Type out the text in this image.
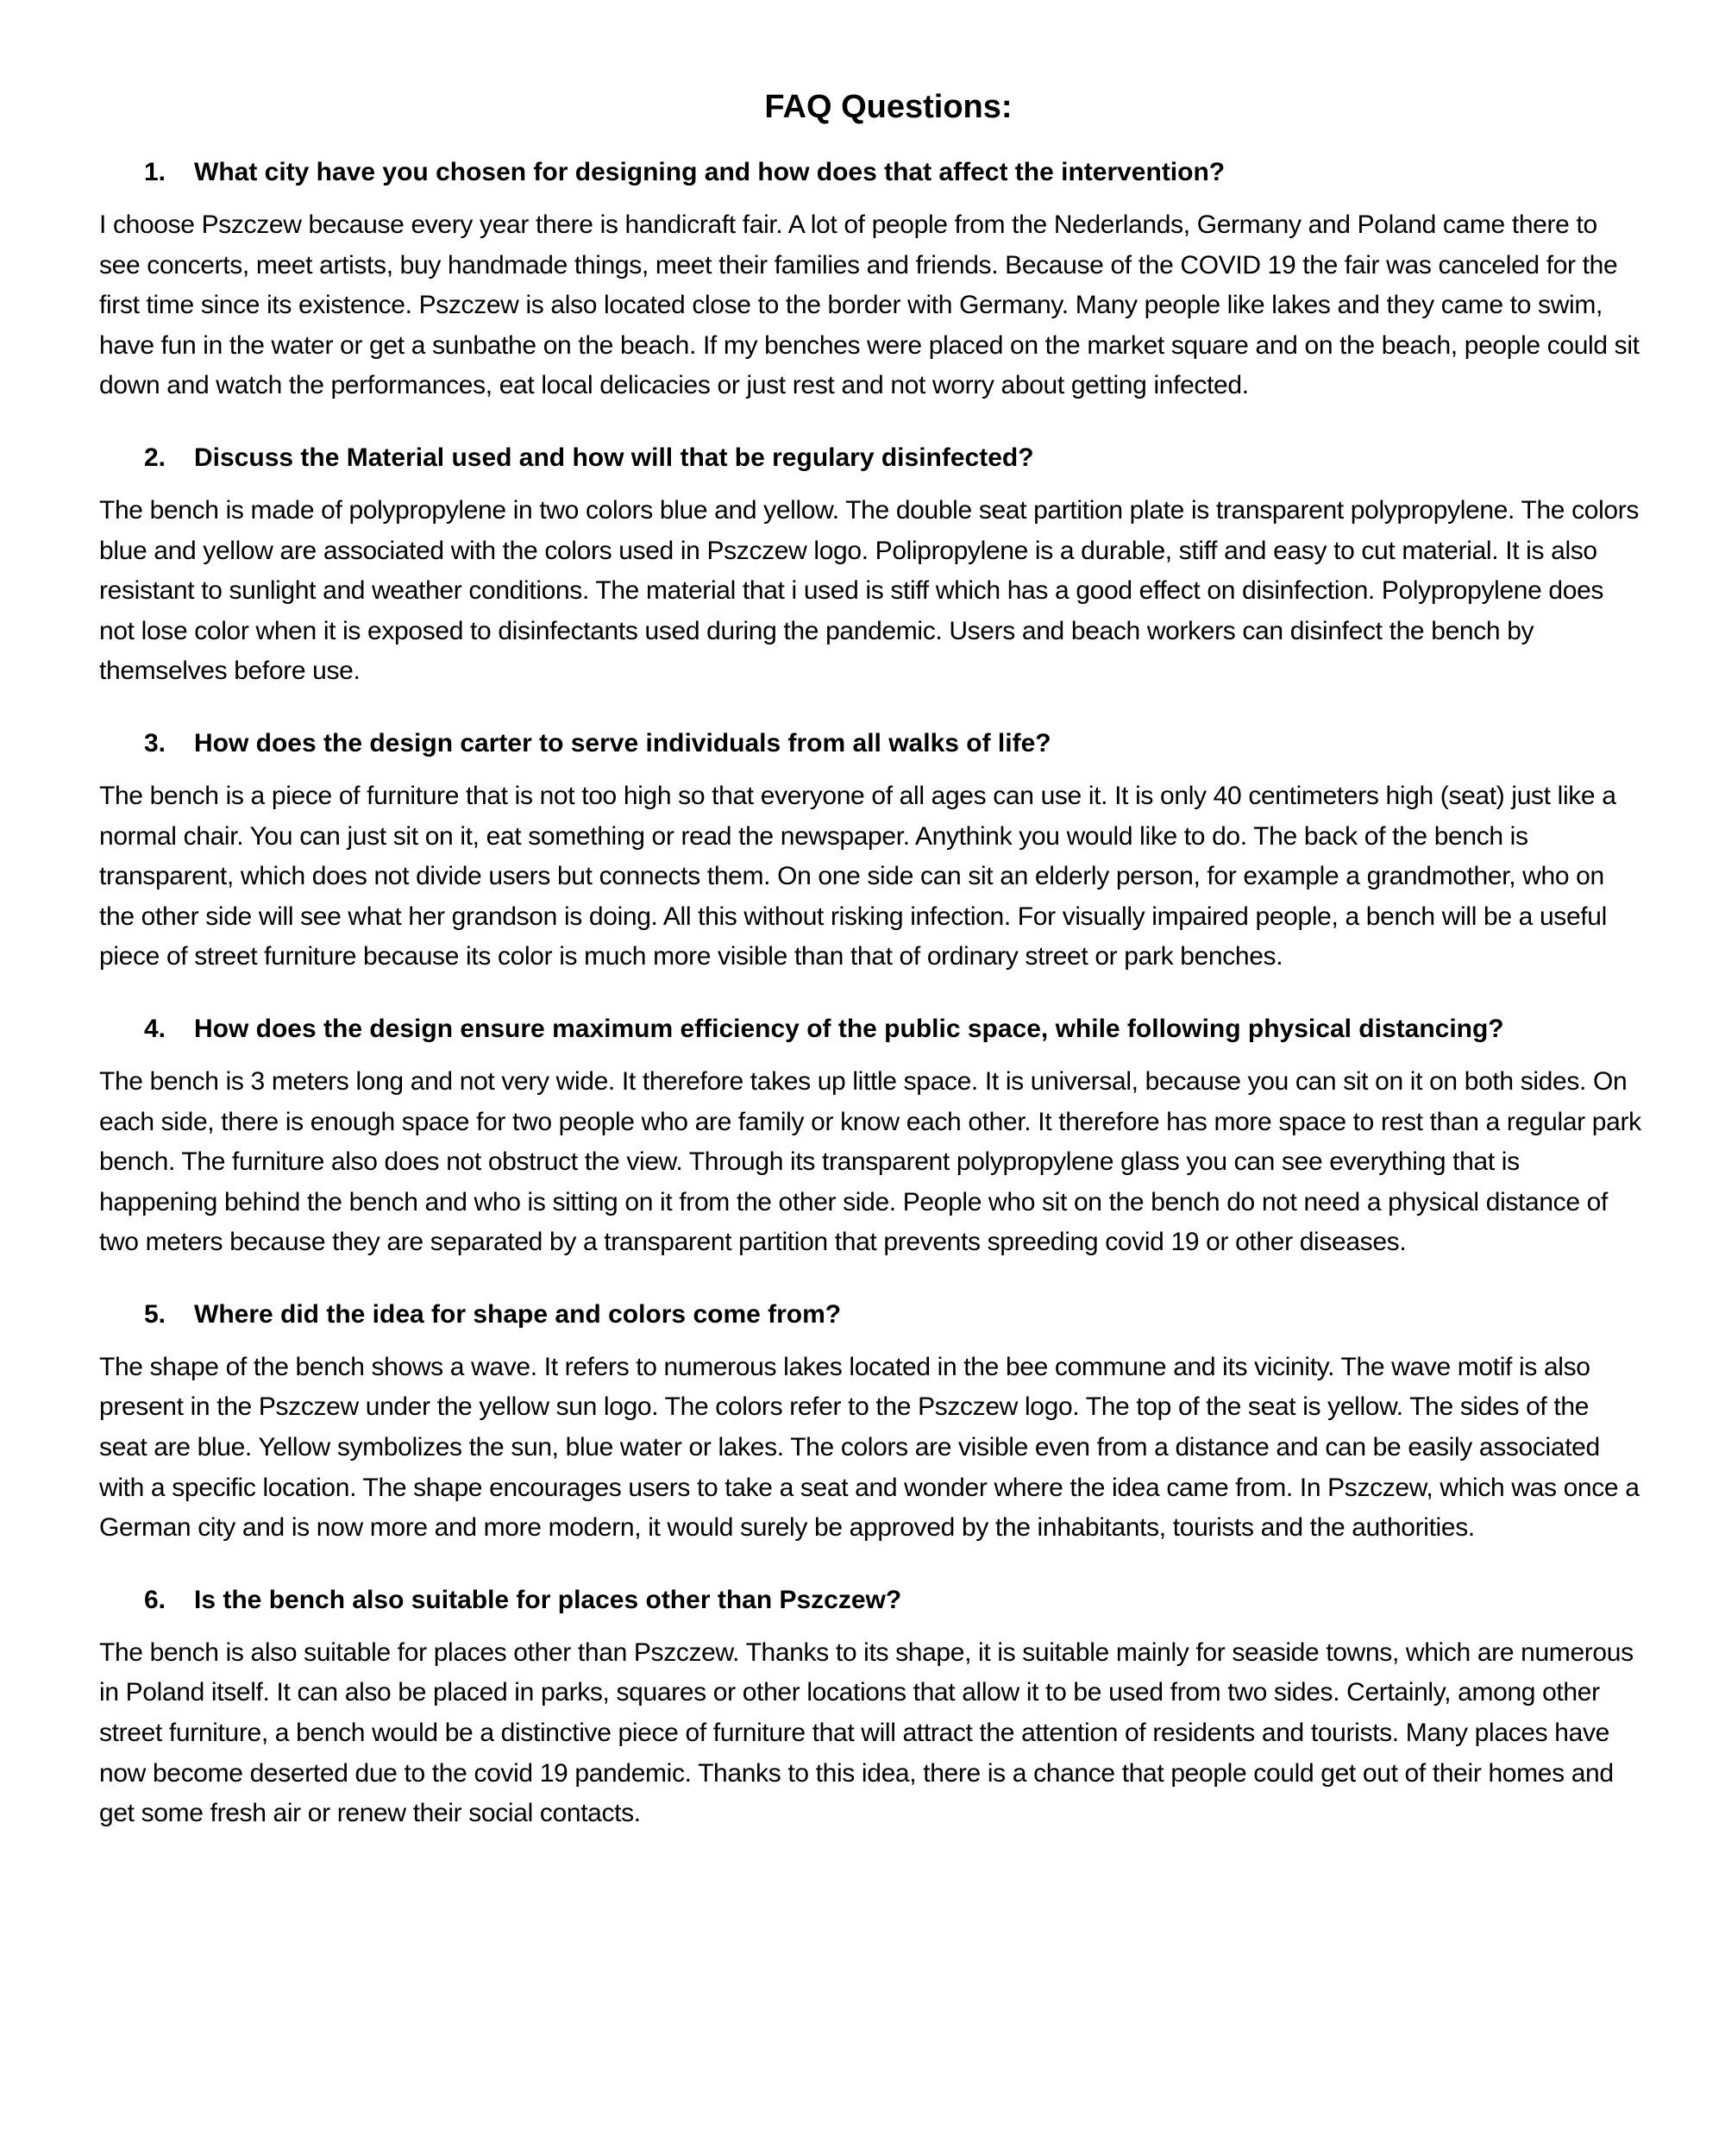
FAQ Questions:
1.	What city have you chosen for designing and how does that affect the intervention?

I choose Pszczew because every year there is handicraft fair. A lot of people from the Nederlands, Germany and Poland came there to see concerts, meet artists, buy handmade things, meet their families and friends. Because of the COVID 19 the fair was canceled for the first time since its existence. Pszczew is also located close to the border with Germany. Many people like lakes and they came to swim, have fun in the water or get a sunbathe on the beach. If my benches were placed on the market square and on the beach, people could sit down and watch the performances, eat local delicacies or just rest and not worry about getting infected.

2.	Discuss the Material used and how will that be regulary disinfected?

The bench is made of polypropylene in two colors blue and yellow. The double seat partition plate is transparent polypropylene. The colors blue and yellow are associated with the colors used in Pszczew logo. Polipropylene is a durable, stiff and easy to cut material. It is also resistant to sunlight and weather conditions. The material that i used is stiff which has a good effect on disinfection. Polypropylene does not lose color when it is exposed to disinfectants used during the pandemic. Users and beach workers can disinfect the bench by themselves before use.

3.	How does the design carter to serve individuals from all walks of life?

The bench is a piece of furniture that is not too high so that everyone of all ages can use it. It is only 40 centimeters high (seat) just like a normal chair. You can just sit on it, eat something or read the newspaper. Anythink you would like to do. The back of the bench is transparent, which does not divide users but connects them. On one side can sit an elderly person, for example a grandmother, who on the other side will see what her grandson is doing. All this without risking infection. For visually impaired people, a bench will be a useful piece of street furniture because its color is much more visible than that of ordinary street or park benches.

4.	How does the design ensure maximum efficiency of the public space, while following physical distancing?

The bench is 3 meters long and not very wide. It therefore takes up little space. It is universal, because you can sit on it on both sides. On each side, there is enough space for two people who are family or know each other. It therefore has more space to rest than a regular park bench. The furniture also does not obstruct the view. Through its transparent polypropylene glass you can see everything that is happening behind the bench and who is sitting on it from the other side. People who sit on the bench do not need a physical distance of two meters because they are separated by a transparent partition that prevents spreeding covid 19 or other diseases.

5.	Where did the idea for shape and colors come from?

The shape of the bench shows a wave. It refers to numerous lakes located in the bee commune and its vicinity. The wave motif is also present in the Pszczew under the yellow sun logo. The colors refer to the Pszczew logo. The top of the seat is yellow. The sides of the seat are blue. Yellow symbolizes the sun, blue water or lakes. The colors are visible even from a distance and can be easily associated with a specific location. The shape encourages users to take a seat and wonder where the idea came from. In Pszczew, which was once a German city and is now more and more modern, it would surely be approved by the inhabitants, tourists and the authorities.

6.	Is the bench also suitable for places other than Pszczew?

The bench is also suitable for places other than Pszczew. Thanks to its shape, it is suitable mainly for seaside towns, which are numerous in Poland itself. It can also be placed in parks, squares or other locations that allow it to be used from two sides. Certainly, among other street furniture, a bench would be a distinctive piece of furniture that will attract the attention of residents and tourists. Many places have now become deserted due to the covid 19 pandemic. Thanks to this idea, there is a chance that people could get out of their homes and get some fresh air or renew their social contacts.
